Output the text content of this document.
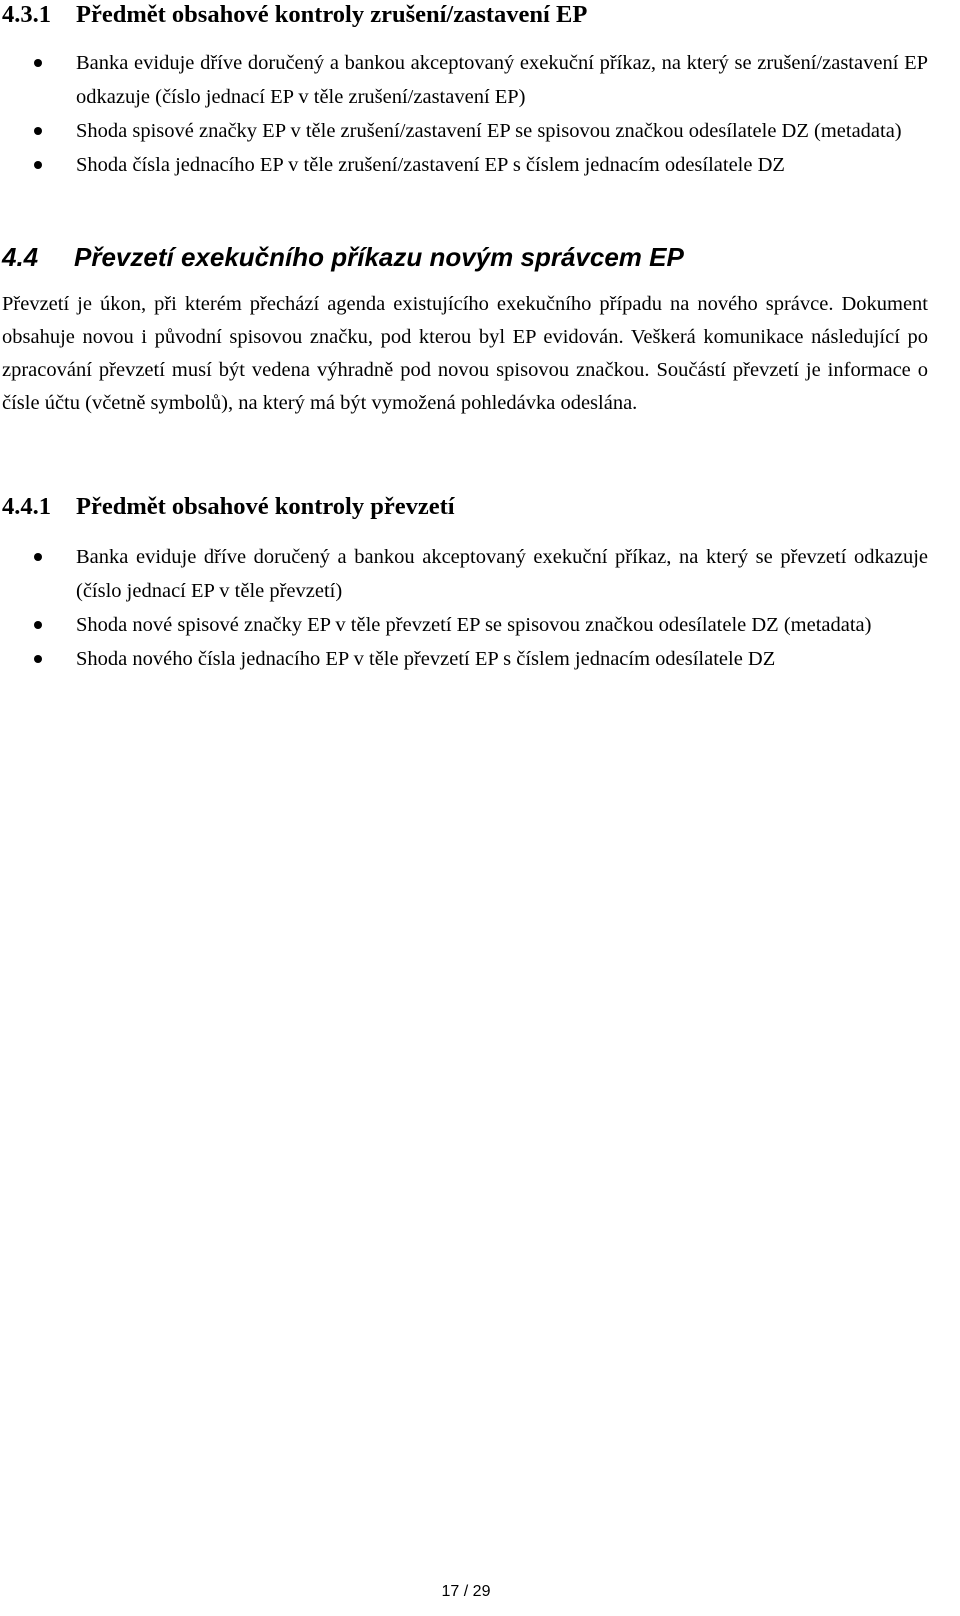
4.3.1 Předmět obsahové kontroly zrušení/zastavení EP
Banka eviduje dříve doručený a bankou akceptovaný exekuční příkaz, na který se zrušení/zastavení EP odkazuje (číslo jednací EP v těle zrušení/zastavení EP)
Shoda spisové značky EP v těle zrušení/zastavení EP se spisovou značkou odesílatele DZ (metadata)
Shoda čísla jednacího EP v těle zrušení/zastavení EP s číslem jednacím odesílatele DZ
4.4 Převzetí exekučního příkazu novým správcem EP

Převzetí je úkon, při kterém přechází agenda existujícího exekučního případu na nového správce. Dokument obsahuje novou i původní spisovou značku, pod kterou byl EP evidován. Veškerá komunikace následující po zpracování převzetí musí být vedena výhradně pod novou spisovou značkou. Součástí převzetí je informace o čísle účtu (včetně symbolů), na který má být vymožená pohledávka odeslána.

4.4.1 Předmět obsahové kontroly převzetí
Banka eviduje dříve doručený a bankou akceptovaný exekuční příkaz, na který se převzetí odkazuje (číslo jednací EP v těle převzetí)
Shoda nové spisové značky EP v těle převzetí EP se spisovou značkou odesílatele DZ (metadata)
Shoda nového čísla jednacího EP v těle převzetí EP s číslem jednacím odesílatele DZ
17 / 29
